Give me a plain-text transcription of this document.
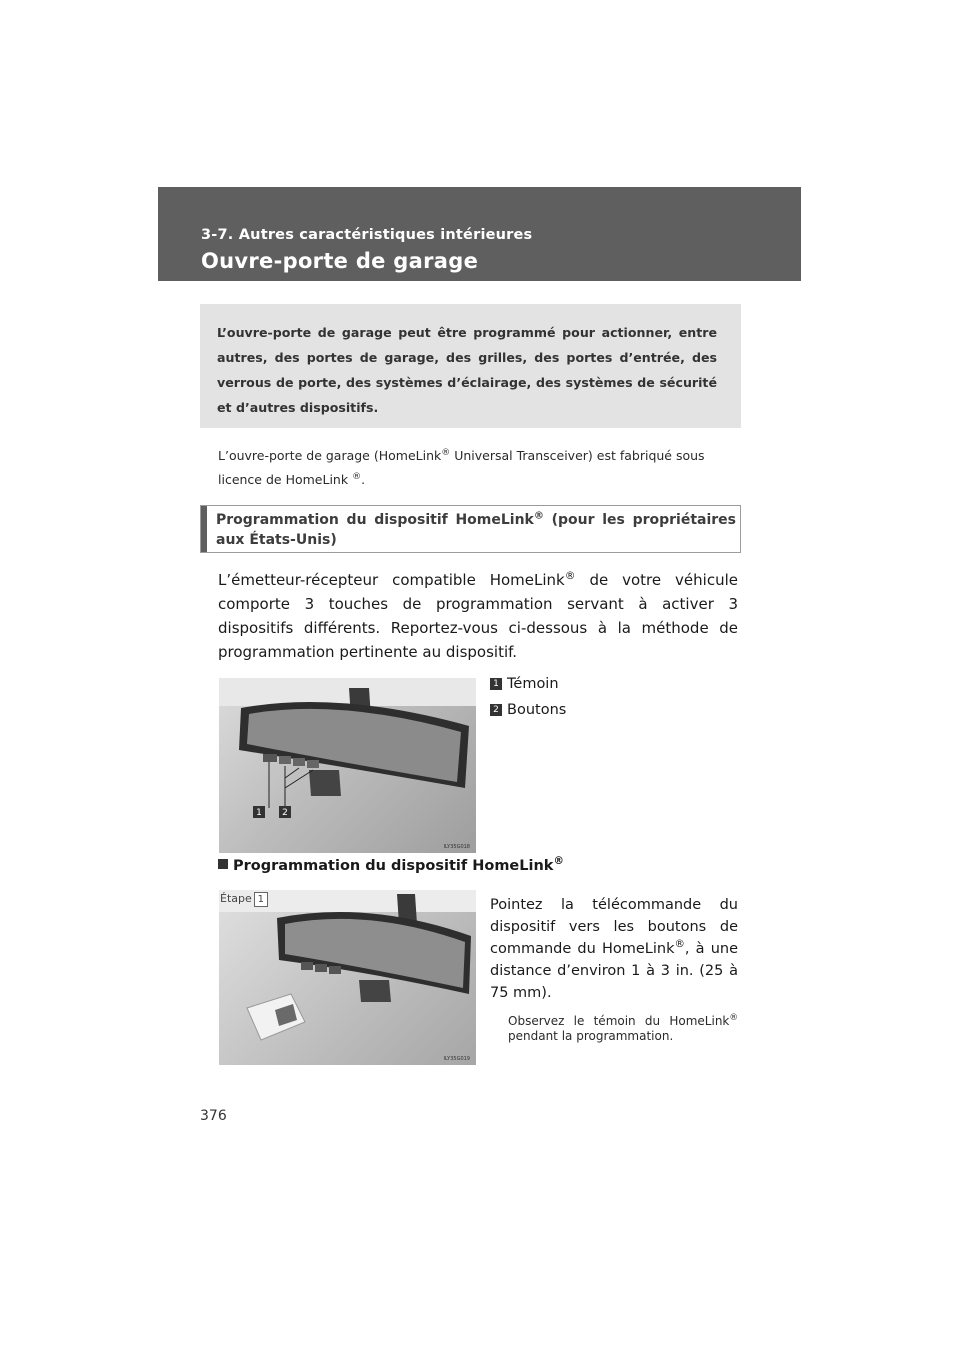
3-7. Autres caractéristiques intérieures
Ouvre-porte de garage
L’ouvre-porte de garage peut être programmé pour actionner, entre autres, des portes de garage, des grilles, des portes d’entrée, des verrous de porte, des systèmes d’éclairage, des systèmes de sécurité et d’autres dispositifs.
L’ouvre-porte de garage (HomeLink® Universal Transceiver) est fabriqué sous licence de HomeLink ®.
Programmation du dispositif HomeLink® (pour les propriétaires aux États-Unis)
L’émetteur-récepteur compatible HomeLink® de votre véhicule comporte 3 touches de programmation servant à activer 3 dispositifs différents. Reportez-vous ci-dessous à la méthode de programmation pertinente au dispositif.
1 2
ILY35G018
1 Témoin
2 Boutons
Programmation du dispositif HomeLink®
Étape 1
ILY35G019
Pointez la télécommande du dispositif vers les boutons de commande du HomeLink®, à une distance d’environ 1 à 3 in. (25 à 75 mm).
Observez le témoin du HomeLink® pendant la programmation.
376
